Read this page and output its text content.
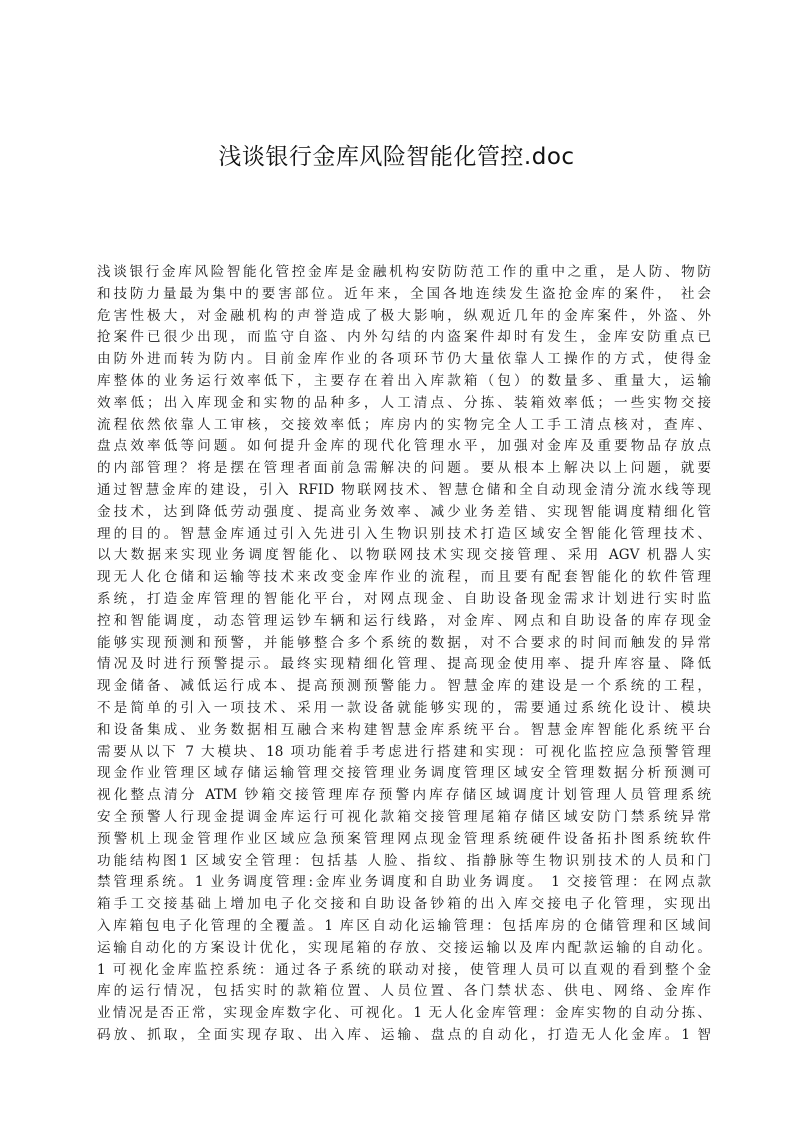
浅谈银行金库风险智能化管控.doc
浅谈银行金库风险智能化管控金库是金融机构安防防范工作的重中之重，是人防、物防
和技防力量最为集中的要害部位。近年来，全国各地连续发生盗抢金库的案件， 社会
危害性极大，对金融机构的声誉造成了极大影响，纵观近几年的金库案件，外盗、外
抢案件已很少出现，而监守自盗、内外勾结的内盗案件却时有发生，金库安防重点已
由防外进而转为防内。目前金库作业的各项环节仍大量依靠人工操作的方式，使得金
库整体的业务运行效率低下，主要存在着出入库款箱（包）的数量多、重量大，运输
效率低；出入库现金和实物的品种多，人工清点、分拣、装箱效率低；一些实物交接
流程依然依靠人工审核，交接效率低；库房内的实物完全人工手工清点核对，查库、
盘点效率低等问题。如何提升金库的现代化管理水平，加强对金库及重要物品存放点
的内部管理？将是摆在管理者面前急需解决的问题。要从根本上解决以上问题，就要
通过智慧金库的建设，引入 RFID 物联网技术、智慧仓储和全自动现金清分流水线等现
金技术，达到降低劳动强度、提高业务效率、减少业务差错、实现智能调度精细化管
理的目的。智慧金库通过引入先进引入生物识别技术打造区域安全智能化管理技术、
以大数据来实现业务调度智能化、以物联网技术实现交接管理、采用 AGV 机器人实
现无人化仓储和运输等技术来改变金库作业的流程，而且要有配套智能化的软件管理
系统，打造金库管理的智能化平台，对网点现金、自助设备现金需求计划进行实时监
控和智能调度，动态管理运钞车辆和运行线路，对金库、网点和自助设备的库存现金
能够实现预测和预警，并能够整合多个系统的数据，对不合要求的时间而触发的异常
情况及时进行预警提示。最终实现精细化管理、提高现金使用率、提升库容量、降低
现金储备、减低运行成本、提高预测预警能力。智慧金库的建设是一个系统的工程，
不是简单的引入一项技术、采用一款设备就能够实现的，需要通过系统化设计、模块
和设备集成、业务数据相互融合来构建智慧金库系统平台。智慧金库智能化系统平台
需要从以下 7 大模块、18 项功能着手考虑进行搭建和实现：可视化监控应急预警管理
现金作业管理区域存储运输管理交接管理业务调度管理区域安全管理数据分析预测可
视化整点清分 ATM 钞箱交接管理库存预警内库存储区域调度计划管理人员管理系统
安全预警人行现金提调金库运行可视化款箱交接管理尾箱存储区域安防门禁系统异常
预警机上现金管理作业区域应急预案管理网点现金管理系统硬件设备拓扑图系统软件
功能结构图1 区域安全管理：包括基 人脸、指纹、指静脉等生物识别技术的人员和门
禁管理系统。1 业务调度管理:金库业务调度和自助业务调度。 1 交接管理：在网点款
箱手工交接基础上增加电子化交接和自助设备钞箱的出入库交接电子化管理，实现出
入库箱包电子化管理的全覆盖。1 库区自动化运输管理：包括库房的仓储管理和区域间
运输自动化的方案设计优化，实现尾箱的存放、交接运输以及库内配款运输的自动化。
1 可视化金库监控系统：通过各子系统的联动对接，使管理人员可以直观的看到整个金
库的运行情况，包括实时的款箱位置、人员位置、各门禁状态、供电、网络、金库作
业情况是否正常，实现金库数字化、可视化。1 无人化金库管理：金库实物的自动分拣、
码放、抓取，全面实现存取、出入库、运输、盘点的自动化，打造无人化金库。1 智
